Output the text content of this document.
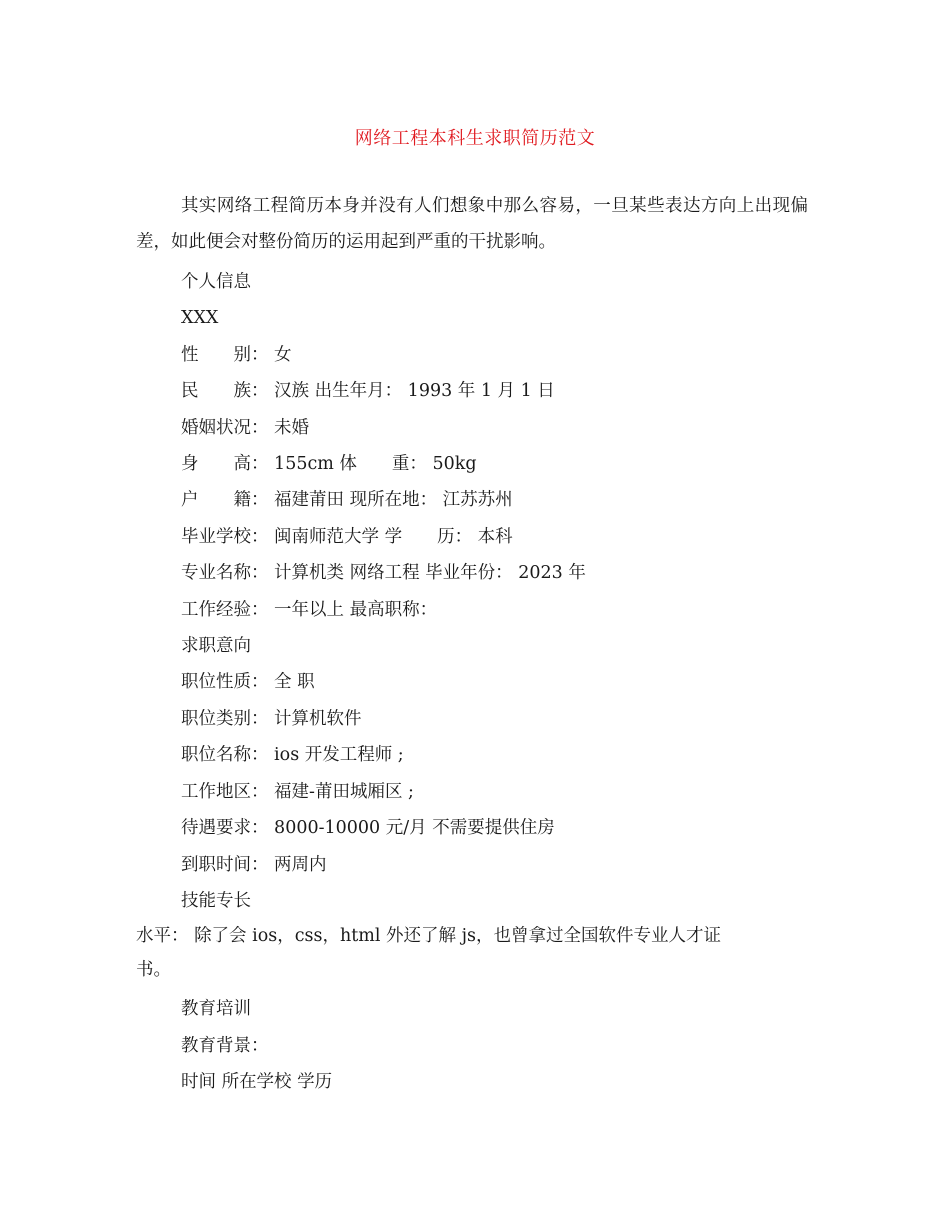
网络工程本科生求职简历范文

其实网络工程简历本身并没有人们想象中那么容易，一旦某些表达方向上出现偏差，如此便会对整份简历的运用起到严重的干扰影响。

个人信息

XXX

性　　别： 女

民　　族： 汉族 出生年月： 1993 年 1 月 1 日

婚姻状况： 未婚

身　　高： 155cm 体　　重： 50kg

户　　籍： 福建莆田 现所在地： 江苏苏州

毕业学校： 闽南师范大学 学　　历： 本科

专业名称： 计算机类 网络工程 毕业年份： 2023 年

工作经验： 一年以上 最高职称：

求职意向

职位性质： 全 职

职位类别： 计算机软件

职位名称： ios 开发工程师 ;

工作地区： 福建-莆田城厢区 ;

待遇要求： 8000-10000 元/月 不需要提供住房

到职时间： 两周内

技能专长

水平： 除了会 ios，css，html 外还了解 js，也曾拿过全国软件专业人才证
书。

教育培训

教育背景：

时间 所在学校 学历
